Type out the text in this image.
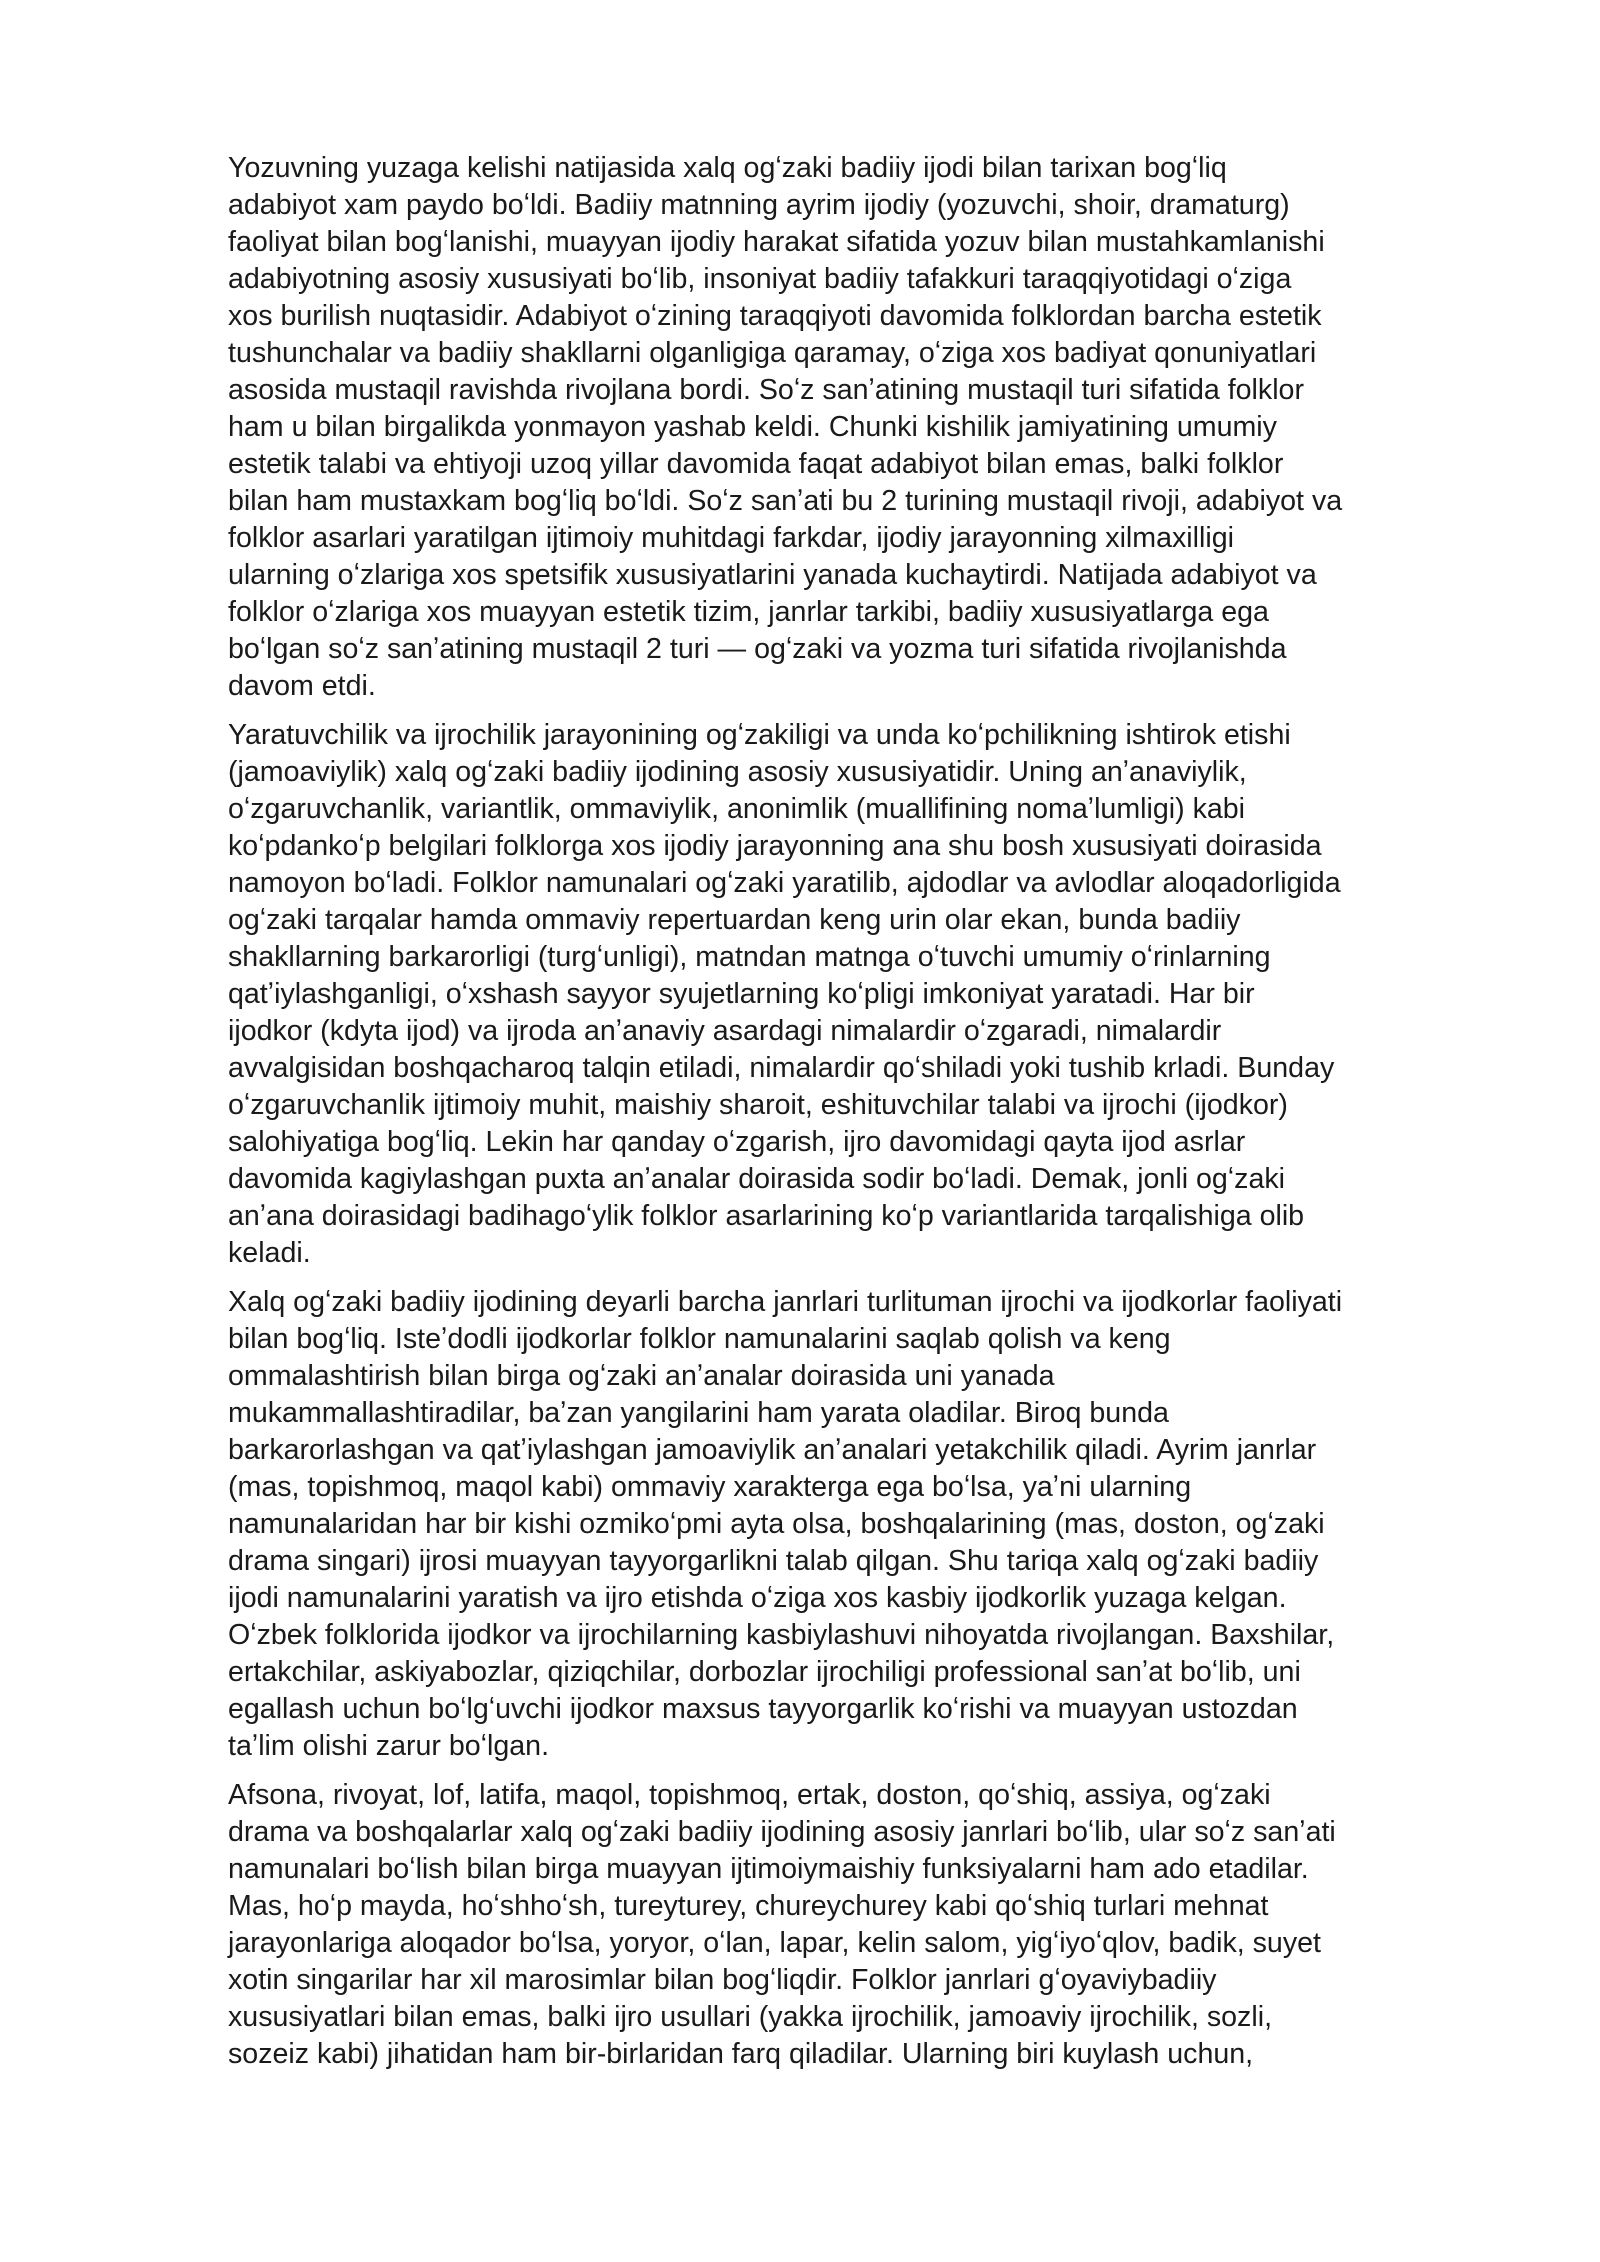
Yozuvning yuzaga kelishi natijasida xalq ogʻzaki badiiy ijodi bilan tarixan bogʻliq
adabiyot xam paydo boʻldi. Badiiy matnning ayrim ijodiy (yozuvchi, shoir, dramaturg)
faoliyat bilan bogʻlanishi, muayyan ijodiy harakat sifatida yozuv bilan mustahkamlanishi
adabiyotning asosiy xususiyati boʻlib, insoniyat badiiy tafakkuri taraqqiyotidagi oʻziga
xos burilish nuqtasidir. Adabiyot oʻzining taraqqiyoti davomida folklordan barcha estetik
tushunchalar va badiiy shakllarni olganligiga qaramay, oʻziga xos badiyat qonuniyatlari
asosida mustaqil ravishda rivojlana bordi. Soʻz sanʼatining mustaqil turi sifatida folklor
ham u bilan birgalikda yonmayon yashab keldi. Chunki kishilik jamiyatining umumiy
estetik talabi va ehtiyoji uzoq yillar davomida faqat adabiyot bilan emas, balki folklor
bilan ham mustaxkam bogʻliq boʻldi. Soʻz sanʼati bu 2 turining mustaqil rivoji, adabiyot va
folklor asarlari yaratilgan ijtimoiy muhitdagi farkdar, ijodiy jarayonning xilmaxilligi
ularning oʻzlariga xos spetsifik xususiyatlarini yanada kuchaytirdi. Natijada adabiyot va
folklor oʻzlariga xos muayyan estetik tizim, janrlar tarkibi, badiiy xususiyatlarga ega
boʻlgan soʻz sanʼatining mustaqil 2 turi — ogʻzaki va yozma turi sifatida rivojlanishda
davom etdi.

Yaratuvchilik va ijrochilik jarayonining ogʻzakiligi va unda koʻpchilikning ishtirok etishi
(jamoaviylik) xalq ogʻzaki badiiy ijodining asosiy xususiyatidir. Uning anʼanaviylik,
oʻzgaruvchanlik, variantlik, ommaviylik, anonimlik (muallifining nomaʼlumligi) kabi
koʻpdankoʻp belgilari folklorga xos ijodiy jarayonning ana shu bosh xususiyati doirasida
namoyon boʻladi. Folklor namunalari ogʻzaki yaratilib, ajdodlar va avlodlar aloqadorligida
ogʻzaki tarqalar hamda ommaviy repertuardan keng urin olar ekan, bunda badiiy
shakllarning barkarorligi (turgʻunligi), matndan matnga oʻtuvchi umumiy oʻrinlarning
qatʼiylashganligi, oʻxshash sayyor syujetlarning koʻpligi imkoniyat yaratadi. Har bir
ijodkor (kdyta ijod) va ijroda anʼanaviy asardagi nimalardir oʻzgaradi, nimalardir
avvalgisidan boshqacharoq talqin etiladi, nimalardir qoʻshiladi yoki tushib krladi. Bunday
oʻzgaruvchanlik ijtimoiy muhit, maishiy sharoit, eshituvchilar talabi va ijrochi (ijodkor)
salohiyatiga bogʻliq. Lekin har qanday oʻzgarish, ijro davomidagi qayta ijod asrlar
davomida kagiylashgan puxta anʼanalar doirasida sodir boʻladi. Demak, jonli ogʻzaki
anʼana doirasidagi badihagoʻylik folklor asarlarining koʻp variantlarida tarqalishiga olib
keladi.

Xalq ogʻzaki badiiy ijodining deyarli barcha janrlari turlituman ijrochi va ijodkorlar faoliyati
bilan bogʻliq. Isteʼdodli ijodkorlar folklor namunalarini saqlab qolish va keng
ommalashtirish bilan birga ogʻzaki anʼanalar doirasida uni yanada
mukammallashtiradilar, baʼzan yangilarini ham yarata oladilar. Biroq bunda
barkarorlashgan va qatʼiylashgan jamoaviylik anʼanalari yetakchilik qiladi. Ayrim janrlar
(mas, topishmoq, maqol kabi) ommaviy xarakterga ega boʻlsa, yaʼni ularning
namunalaridan har bir kishi ozmikoʻpmi ayta olsa, boshqalarining (mas, doston, ogʻzaki
drama singari) ijrosi muayyan tayyorgarlikni talab qilgan. Shu tariqa xalq ogʻzaki badiiy
ijodi namunalarini yaratish va ijro etishda oʻziga xos kasbiy ijodkorlik yuzaga kelgan.
Oʻzbek folklorida ijodkor va ijrochilarning kasbiylashuvi nihoyatda rivojlangan. Baxshilar,
ertakchilar, askiyabozlar, qiziqchilar, dorbozlar ijrochiligi professional sanʼat boʻlib, uni
egallash uchun boʻlgʻuvchi ijodkor maxsus tayyorgarlik koʻrishi va muayyan ustozdan
taʼlim olishi zarur boʻlgan.

Afsona, rivoyat, lof, latifa, maqol, topishmoq, ertak, doston, qoʻshiq, assiya, ogʻzaki
drama va boshqalarlar xalq ogʻzaki badiiy ijodining asosiy janrlari boʻlib, ular soʻz sanʼati
namunalari boʻlish bilan birga muayyan ijtimoiymaishiy funksiyalarni ham ado etadilar.
Mas, hoʻp mayda, hoʻshhoʻsh, tureyturey, chureychurey kabi qoʻshiq turlari mehnat
jarayonlariga aloqador boʻlsa, yoryor, oʻlan, lapar, kelin salom, yigʻiyoʻqlov, badik, suyet
xotin singarilar har xil marosimlar bilan bogʻliqdir. Folklor janrlari gʻoyaviybadiiy
xususiyatlari bilan emas, balki ijro usullari (yakka ijrochilik, jamoaviy ijrochilik, sozli,
sozeiz kabi) jihatidan ham bir-birlaridan farq qiladilar. Ularning biri kuylash uchun,
